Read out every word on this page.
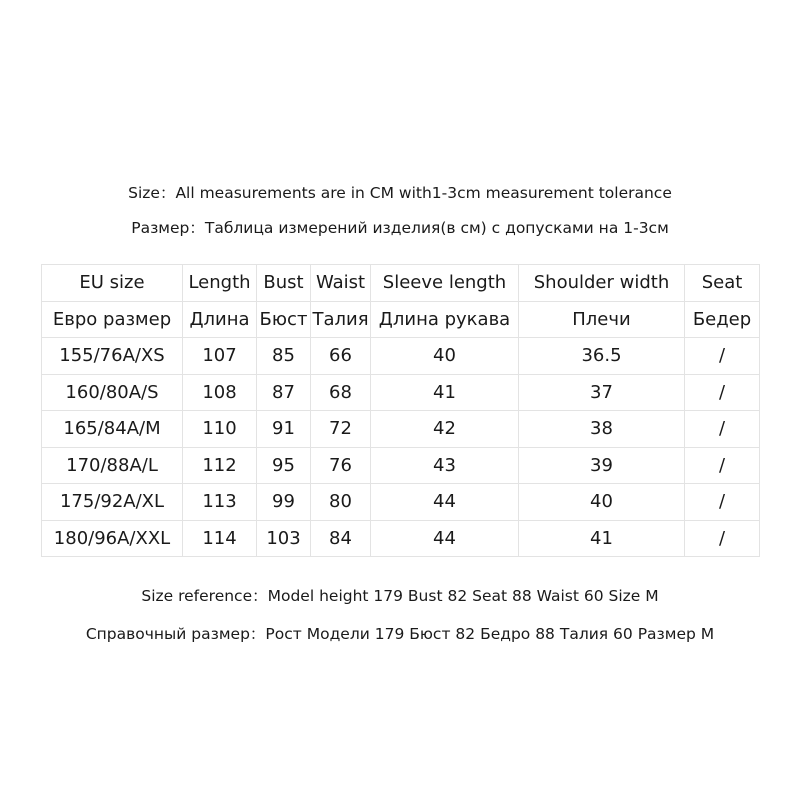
Size：All measurements are in CM with1-3cm measurement tolerance
Размер：Таблица измерений изделия(в см) с допусками на 1-3см
EU size	Length	Bust	Waist	Sleeve length	Shoulder width	Seat
Евро размер	Длина	Бюст	Талия	Длина рукава	Плечи	Бедер
155/76A/XS	107	85	66	40	36.5	/
160/80A/S	108	87	68	41	37	/
165/84A/M	110	91	72	42	38	/
170/88A/L	112	95	76	43	39	/
175/92A/XL	113	99	80	44	40	/
180/96A/XXL	114	103	84	44	41	/
Size reference：Model height 179 Bust 82 Seat 88 Waist 60 Size M
Справочный размер：Рост Модели 179 Бюст 82 Бедро 88 Талия 60 Размер M
